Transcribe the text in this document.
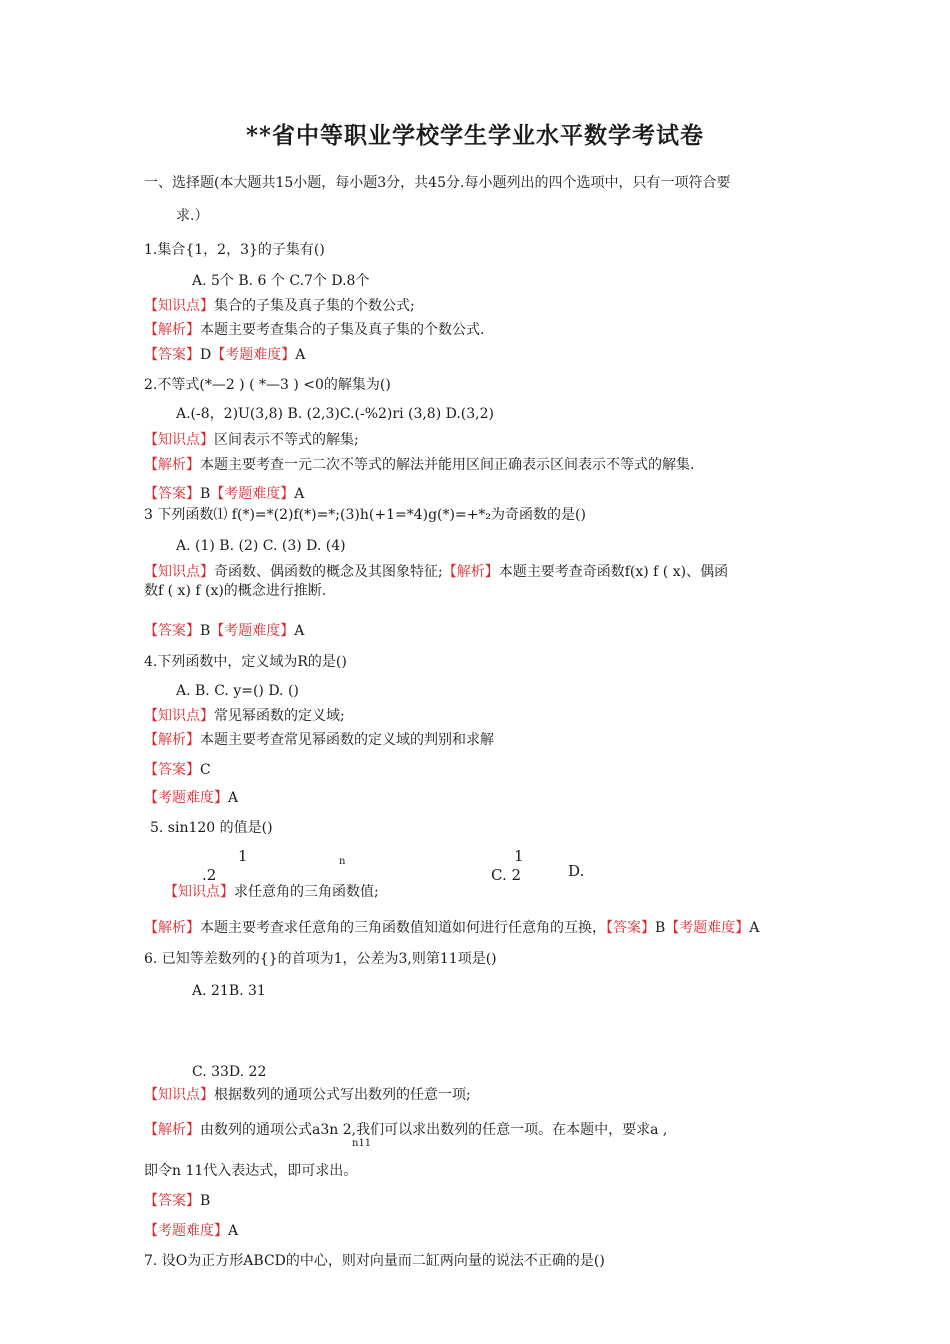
**省中等职业学校学生学业水平数学考试卷
一、选择题(本大题共15小题，每小题3分，共45分.每小题列出的四个选项中，只有一项符合要
求.）
1.集合{1，2，3}的子集有()
A. 5个 B. 6 个 C.7个 D.8个
【知识点】集合的子集及真子集的个数公式;
【解析】本题主要考查集合的子集及真子集的个数公式.
【答案】D【考题难度】A
2.不等式(*—2 ) ( *—3 ) <0的解集为()
A.(-8，2)U(3,8) B. (2,3)C.(-%2)ri (3,8) D.(3,2)
【知识点】区间表示不等式的解集;
【解析】本题主要考查一元二次不等式的解法并能用区间正确表示区间表示不等式的解集.
【答案】B【考题难度】A
3 下列函数⑴ f(*)=*(2)f(*)=*;(3)h(+1=*4)g(*)=+*₂为奇函数的是()
A. (1) B. (2) C. (3) D. (4)
【知识点】奇函数、偶函数的概念及其图象特征;【解析】本题主要考查奇函数f(x) f ( x)、偶函
数f ( x) f (x)的概念进行推断.
【答案】B【考题难度】A
4.下列函数中，定义域为R的是()
A. B. C. y=() D. ()
【知识点】常见幂函数的定义域;
【解析】本题主要考查常见幂函数的定义域的判别和求解
【答案】C
【考题难度】A
5. sin120 的值是()
1
.2
n	1
C. 2	D.
【知识点】求任意角的三角函数值;
【解析】本题主要考查求任意角的三角函数值知道如何进行任意角的互换，【答案】B【考题难度】A
6. 已知等差数列的{}的首项为1，公差为3,则第11项是()
A. 21B. 31
C. 33D. 22
【知识点】根据数列的通项公式写出数列的任意一项;
【解析】由数列的通项公式a3n 2,我们可以求出数列的任意一项。在本题中，要求a ,
n11
即令n 11代入表达式，即可求出。
【答案】B
【考题难度】A
7. 设O为正方形ABCD的中心，则对向量而二缸两向量的说法不正确的是()
